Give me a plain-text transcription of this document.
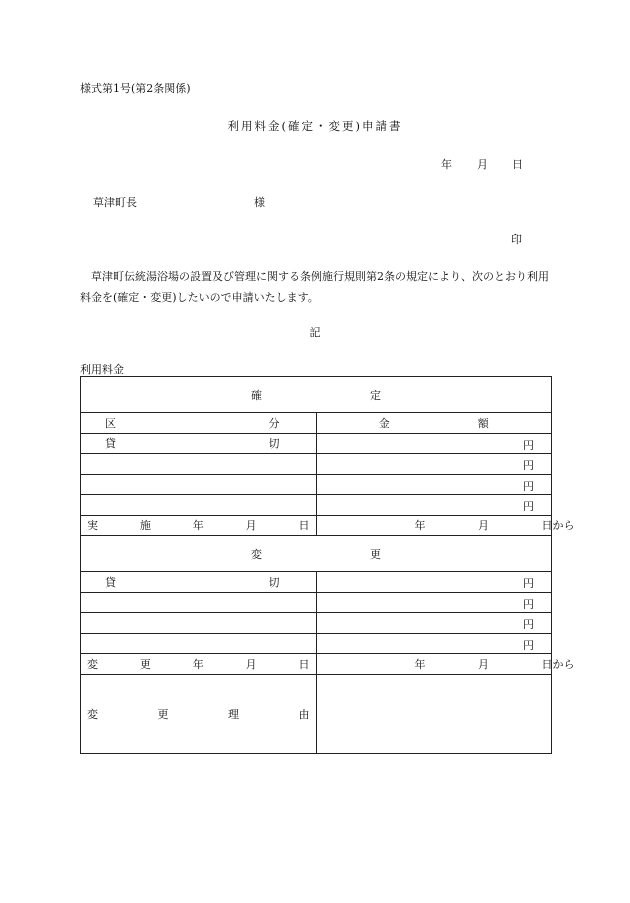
様式第1号(第2条関係)
利用料金(確定・変更)申請書
年 月 日
草津町長	様
印
草津町伝統湯浴場の設置及び管理に関する条例施行規則第2条の規定により、次のとおり利用料金を(確定・変更)したいので申請いたします。
記
利用料金
確 定	

区 分	金 額

貸 切	円

	円

	円

	円

実 施 年 月 日	年 月 日から

変 更	

貸 切	円

	円

	円

	円

変 更 年 月 日	年 月 日から

変 更 理 由	
